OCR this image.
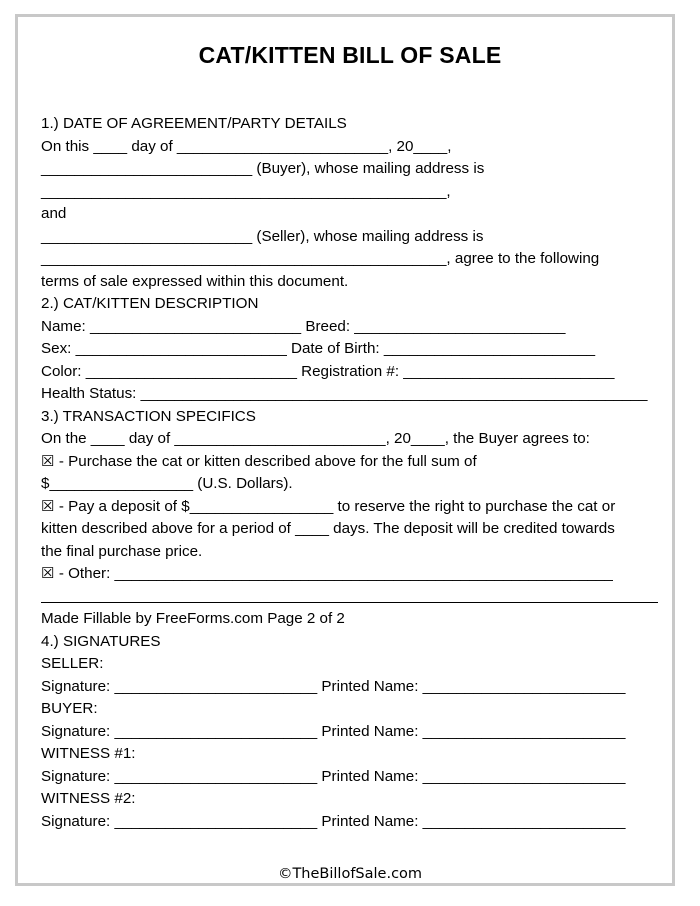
CAT/KITTEN BILL OF SALE
1.) DATE OF AGREEMENT/PARTY DETAILS
On this ____ day of _________________________, 20____,
_________________________ (Buyer), whose mailing address is
________________________________________________,
and
_________________________ (Seller), whose mailing address is
________________________________________________, agree to the following
terms of sale expressed within this document.
2.) CAT/KITTEN DESCRIPTION
Name: _________________________ Breed: _________________________
Sex: _________________________ Date of Birth: _________________________
Color: _________________________ Registration #: _________________________
Health Status: ____________________________________________________________
3.) TRANSACTION SPECIFICS
On the ____ day of _________________________, 20____, the Buyer agrees to:
☒ - Purchase the cat or kitten described above for the full sum of
$_________________ (U.S. Dollars).
☒ - Pay a deposit of $_________________ to reserve the right to purchase the cat or
kitten described above for a period of ____ days. The deposit will be credited towards
the final purchase price.
☒ - Other: ___________________________________________________________
Made Fillable by FreeForms.com Page 2 of 2
4.) SIGNATURES
SELLER:
Signature: ________________________ Printed Name: ________________________
BUYER:
Signature: ________________________ Printed Name: ________________________
WITNESS #1:
Signature: ________________________ Printed Name: ________________________
WITNESS #2:
Signature: ________________________ Printed Name: ________________________
©TheBillofSale.com
